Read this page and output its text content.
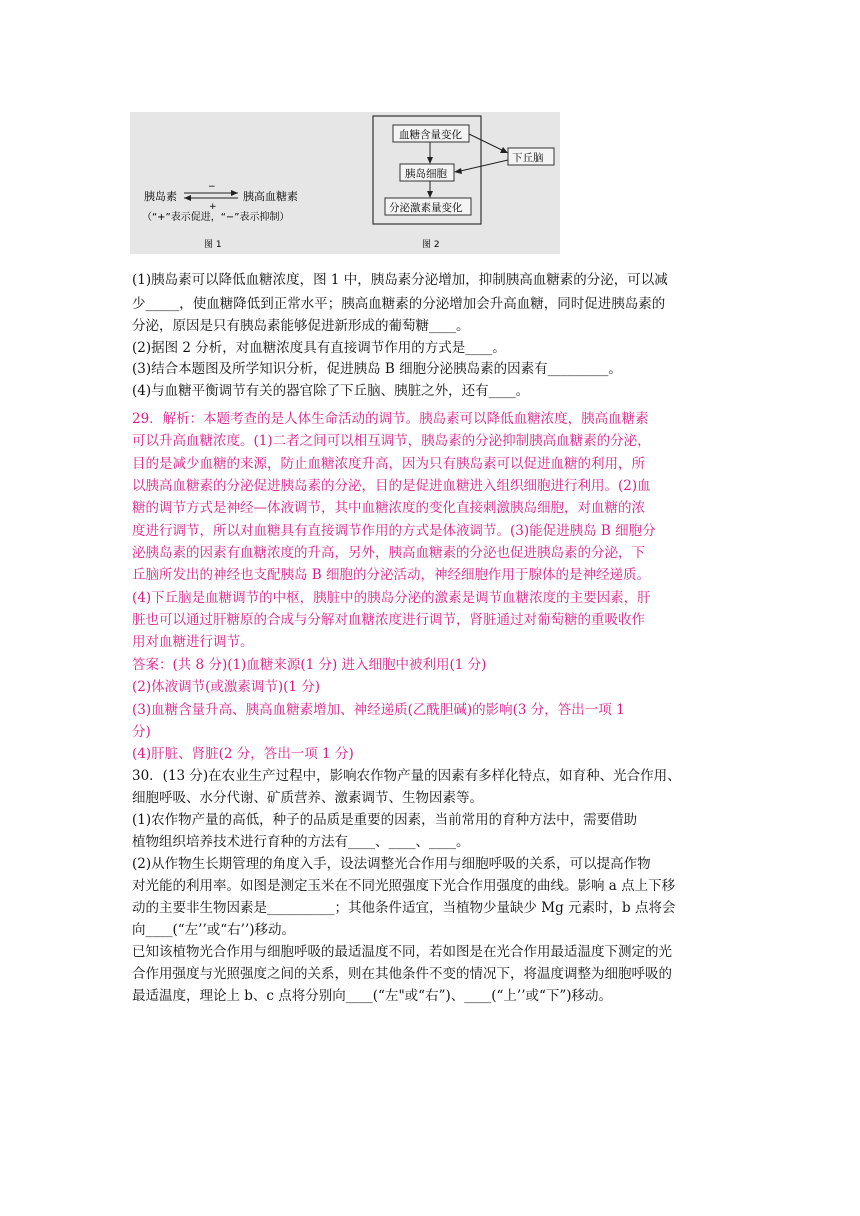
胰岛素	胰高血糖素
−
+
（“+”表示促进，“−”表示抑制）
图 1
血糖含量变化
胰岛细胞
分泌激素量变化
下丘脑
图 2
(1)胰岛素可以降低血糖浓度，图 1 中，胰岛素分泌增加，抑制胰高血糖素的分泌，可以减
少_____，使血糖降低到正常水平；胰高血糖素的分泌增加会升高血糖，同时促进胰岛素的
分泌，原因是只有胰岛素能够促进新形成的葡萄糖____。
(2)据图 2 分析，对血糖浓度具有直接调节作用的方式是____。
(3)结合本题图及所学知识分析，促进胰岛 B 细胞分泌胰岛素的因素有_________。
(4)与血糖平衡调节有关的器官除了下丘脑、胰脏之外，还有____。
29．解析：本题考查的是人体生命活动的调节。胰岛素可以降低血糖浓度，胰高血糖素
可以升高血糖浓度。(1)二者之间可以相互调节，胰岛素的分泌抑制胰高血糖素的分泌，
目的是减少血糖的来源，防止血糖浓度升高，因为只有胰岛素可以促进血糖的利用，所
以胰高血糖素的分泌促进胰岛素的分泌，目的是促进血糖进入组织细胞进行利用。(2)血
糖的调节方式是神经—体液调节，其中血糖浓度的变化直接刺激胰岛细胞，对血糖的浓
度进行调节，所以对血糖具有直接调节作用的方式是体液调节。(3)能促进胰岛 B 细胞分
泌胰岛素的因素有血糖浓度的升高，另外，胰高血糖素的分泌也促进胰岛素的分泌，下
丘脑所发出的神经也支配胰岛 B 细胞的分泌活动，神经细胞作用于腺体的是神经递质。
(4)下丘脑是血糖调节的中枢，胰脏中的胰岛分泌的激素是调节血糖浓度的主要因素，肝
脏也可以通过肝糖原的合成与分解对血糖浓度进行调节，肾脏通过对葡萄糖的重吸收作
用对血糖进行调节。
答案：(共 8 分)(1)血糖来源(1 分) 进入细胞中被利用(1 分)
(2)体液调节(或激素调节)(1 分)
(3)血糖含量升高、胰高血糖素增加、神经递质(乙酰胆碱)的影响(3 分，答出一项 1
分)
(4)肝脏、肾脏(2 分，答出一项 1 分)
30．(13 分)在农业生产过程中，影响农作物产量的因素有多样化特点，如育种、光合作用、
细胞呼吸、水分代谢、矿质营养、激素调节、生物因素等。
(1)农作物产量的高低，种子的品质是重要的因素，当前常用的育种方法中，需要借助
植物组织培养技术进行育种的方法有____、____、____。
(2)从作物生长期管理的角度入手，设法调整光合作用与细胞呼吸的关系，可以提高作物
对光能的利用率。如图是测定玉米在不同光照强度下光合作用强度的曲线。影响 a 点上下移
动的主要非生物因素是__________；其他条件适宜，当植物少量缺少 Mg 元素时，b 点将会
向____(“左’’或“右’’)移动。
已知该植物光合作用与细胞呼吸的最适温度不同，若如图是在光合作用最适温度下测定的光
合作用强度与光照强度之间的关系，则在其他条件不变的情况下，将温度调整为细胞呼吸的
最适温度，理论上 b、c 点将分别向____(“左"或“右”)、____(“上’’或“下”)移动。
